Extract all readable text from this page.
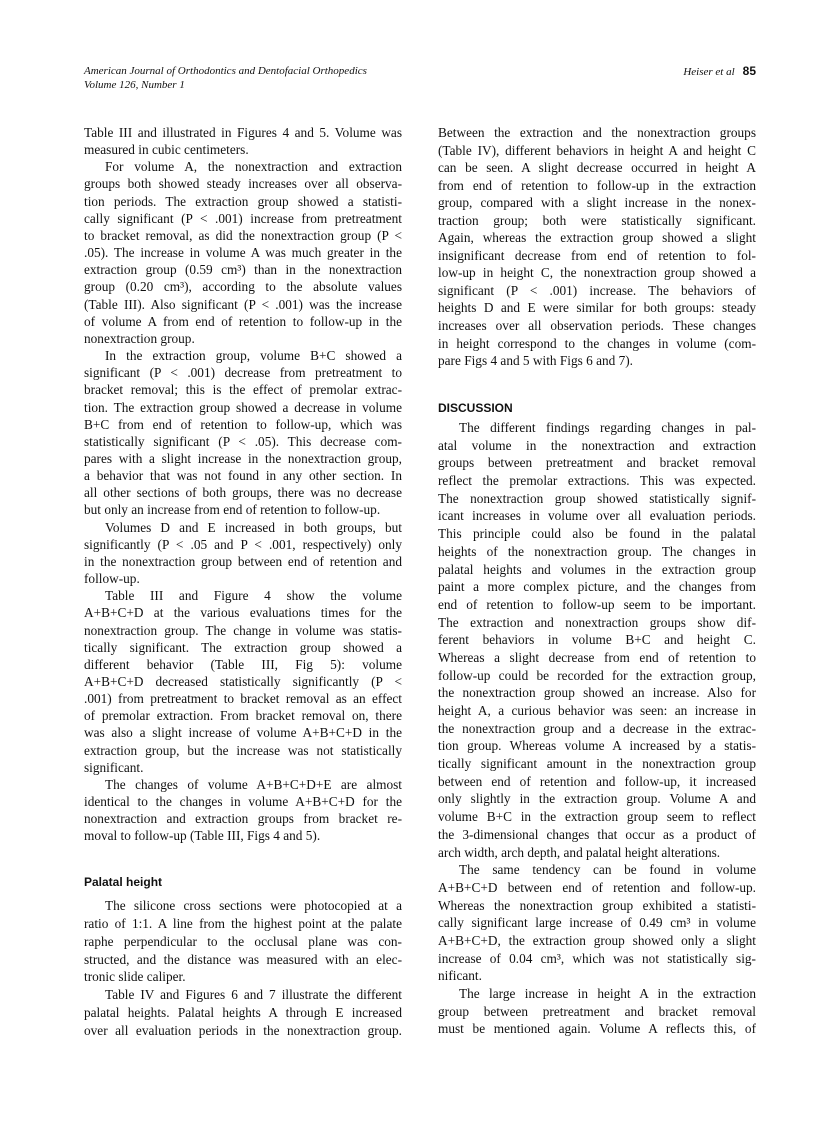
American Journal of Orthodontics and Dentofacial Orthopedics
Volume 126, Number 1
Heiser et al 85
Table III and illustrated in Figures 4 and 5. Volume was
measured in cubic centimeters.
For volume A, the nonextraction and extraction
groups both showed steady increases over all observa-
tion periods. The extraction group showed a statisti-
cally significant (P < .001) increase from pretreatment
to bracket removal, as did the nonextraction group (P <
.05). The increase in volume A was much greater in the
extraction group (0.59 cm³) than in the nonextraction
group (0.20 cm³), according to the absolute values
(Table III). Also significant (P < .001) was the increase
of volume A from end of retention to follow-up in the
nonextraction group.
In the extraction group, volume B+C showed a
significant (P < .001) decrease from pretreatment to
bracket removal; this is the effect of premolar extrac-
tion. The extraction group showed a decrease in volume
B+C from end of retention to follow-up, which was
statistically significant (P < .05). This decrease com-
pares with a slight increase in the nonextraction group,
a behavior that was not found in any other section. In
all other sections of both groups, there was no decrease
but only an increase from end of retention to follow-up.
Volumes D and E increased in both groups, but
significantly (P < .05 and P < .001, respectively) only
in the nonextraction group between end of retention and
follow-up.
Table III and Figure 4 show the volume
A+B+C+D at the various evaluations times for the
nonextraction group. The change in volume was statis-
tically significant. The extraction group showed a
different behavior (Table III, Fig 5): volume
A+B+C+D decreased statistically significantly (P <
.001) from pretreatment to bracket removal as an effect
of premolar extraction. From bracket removal on, there
was also a slight increase of volume A+B+C+D in the
extraction group, but the increase was not statistically
significant.
The changes of volume A+B+C+D+E are almost
identical to the changes in volume A+B+C+D for the
nonextraction and extraction groups from bracket re-
moval to follow-up (Table III, Figs 4 and 5).
Palatal height
The silicone cross sections were photocopied at a
ratio of 1:1. A line from the highest point at the palate
raphe perpendicular to the occlusal plane was con-
structed, and the distance was measured with an elec-
tronic slide caliper.
Table IV and Figures 6 and 7 illustrate the different
palatal heights. Palatal heights A through E increased
over all evaluation periods in the nonextraction group.
Between the extraction and the nonextraction groups
(Table IV), different behaviors in height A and height C
can be seen. A slight decrease occurred in height A
from end of retention to follow-up in the extraction
group, compared with a slight increase in the nonex-
traction group; both were statistically significant.
Again, whereas the extraction group showed a slight
insignificant decrease from end of retention to fol-
low-up in height C, the nonextraction group showed a
significant (P < .001) increase. The behaviors of
heights D and E were similar for both groups: steady
increases over all observation periods. These changes
in height correspond to the changes in volume (com-
pare Figs 4 and 5 with Figs 6 and 7).
DISCUSSION
The different findings regarding changes in pal-
atal volume in the nonextraction and extraction
groups between pretreatment and bracket removal
reflect the premolar extractions. This was expected.
The nonextraction group showed statistically signif-
icant increases in volume over all evaluation periods.
This principle could also be found in the palatal
heights of the nonextraction group. The changes in
palatal heights and volumes in the extraction group
paint a more complex picture, and the changes from
end of retention to follow-up seem to be important.
The extraction and nonextraction groups show dif-
ferent behaviors in volume B+C and height C.
Whereas a slight decrease from end of retention to
follow-up could be recorded for the extraction group,
the nonextraction group showed an increase. Also for
height A, a curious behavior was seen: an increase in
the nonextraction group and a decrease in the extrac-
tion group. Whereas volume A increased by a statis-
tically significant amount in the nonextraction group
between end of retention and follow-up, it increased
only slightly in the extraction group. Volume A and
volume B+C in the extraction group seem to reflect
the 3-dimensional changes that occur as a product of
arch width, arch depth, and palatal height alterations.
The same tendency can be found in volume
A+B+C+D between end of retention and follow-up.
Whereas the nonextraction group exhibited a statisti-
cally significant large increase of 0.49 cm³ in volume
A+B+C+D, the extraction group showed only a slight
increase of 0.04 cm³, which was not statistically sig-
nificant.
The large increase in height A in the extraction
group between pretreatment and bracket removal
must be mentioned again. Volume A reflects this, of
